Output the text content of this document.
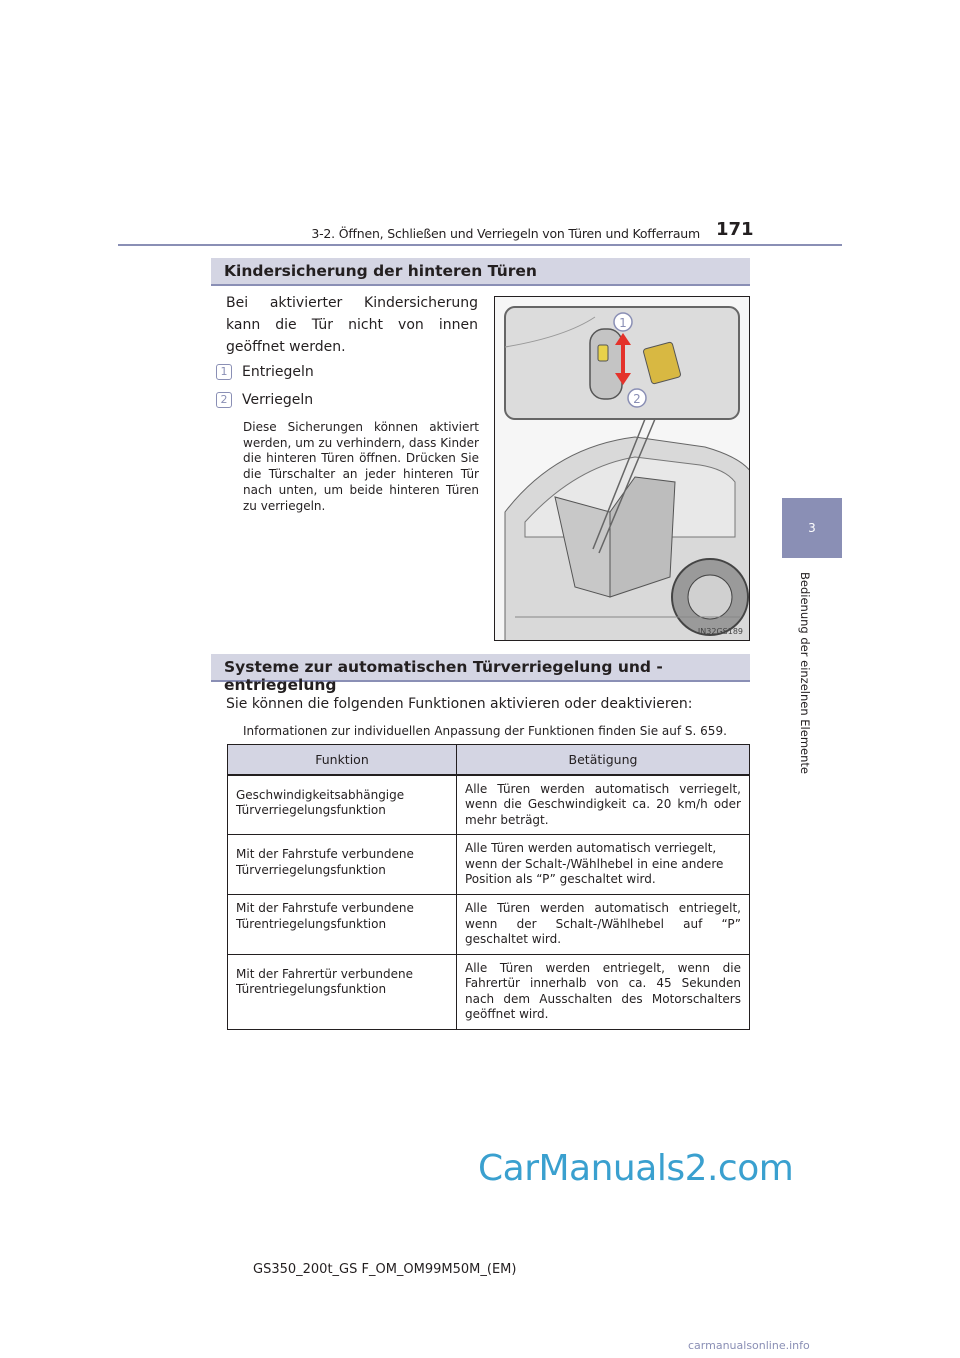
3-2. Öffnen, Schließen und Verriegeln von Türen und Kofferraum 171
3
Bedienung der einzelnen Elemente
Kindersicherung der hinteren Türen
Bei aktivierter Kindersicherung kann die Tür nicht von innen geöffnet werden.
1 Entriegeln
2 Verriegeln
Diese Sicherungen können aktiviert werden, um zu verhindern, dass Kinder die hinteren Türen öffnen. Drücken Sie die Türschalter an jeder hinteren Tür nach unten, um beide hinteren Türen zu verriegeln.
1
2
IN32GS189
Systeme zur automatischen Türverriegelung und -entriegelung
Sie können die folgenden Funktionen aktivieren oder deaktivieren:
Informationen zur individuellen Anpassung der Funktionen finden Sie auf S. 659.
Funktion	Betätigung
Geschwindigkeitsabhängige Türverriegelungsfunktion	Alle Türen werden automatisch verriegelt, wenn die Geschwindigkeit ca. 20 km/h oder mehr beträgt.
Mit der Fahrstufe verbundene Türverriegelungsfunktion	Alle Türen werden automatisch verriegelt, wenn der Schalt-/Wählhebel in eine andere Position als “P” geschaltet wird.
Mit der Fahrstufe verbundene Türentriegelungsfunktion	Alle Türen werden automatisch entriegelt, wenn der Schalt-/Wählhebel auf “P” geschaltet wird.
Mit der Fahrertür verbundene Türentriegelungsfunktion	Alle Türen werden entriegelt, wenn die Fahrertür innerhalb von ca. 45 Sekunden nach dem Ausschalten des Motorschalters geöffnet wird.
CarManuals2.com
GS350_200t_GS F_OM_OM99M50M_(EM)
carmanualsonline.info
